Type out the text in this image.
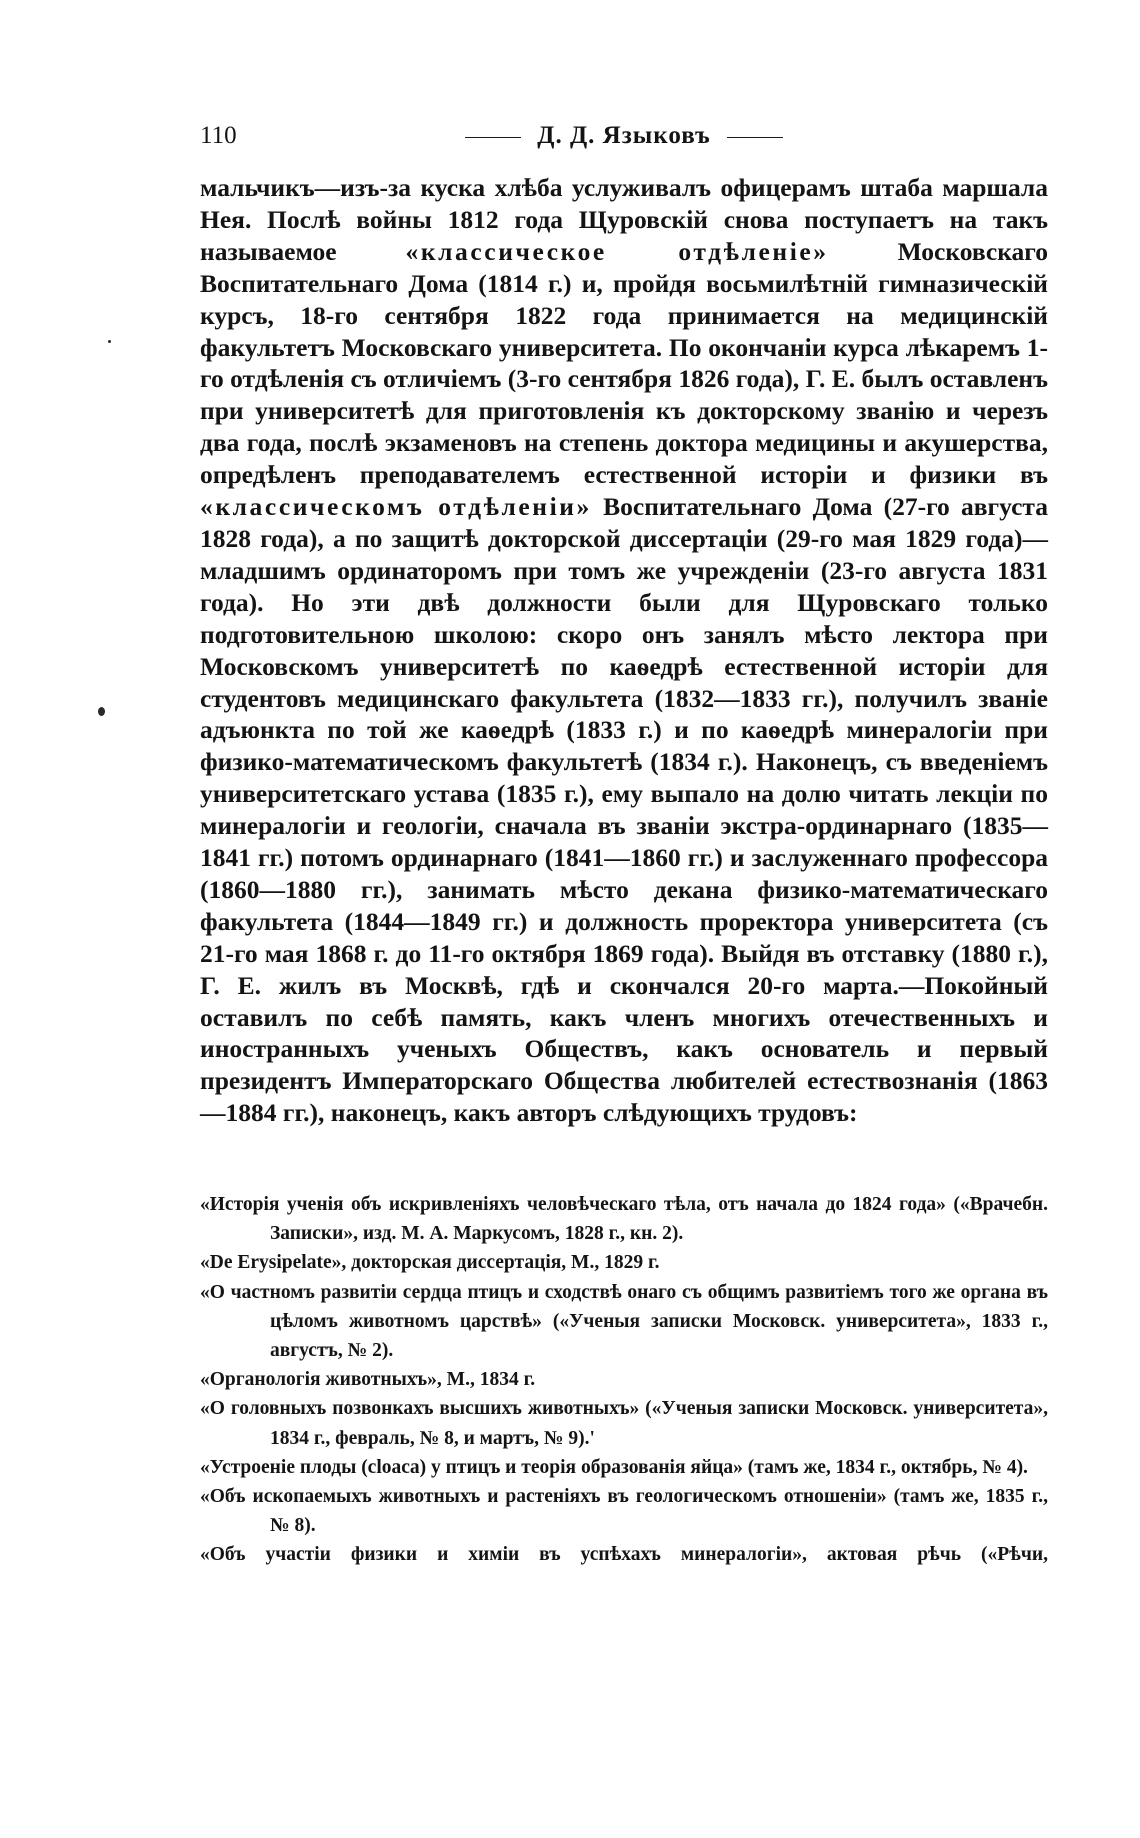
110	Д. Д. Языковъ
мальчикъ—изъ-за куска хлѣба услуживалъ офицерамъ штаба маршала Нея. Послѣ войны 1812 года Щуровскій снова поступаетъ на такъ называемое «классическое отдѣленіе» Московскаго Воспитательнаго Дома (1814 г.) и, пройдя восьмилѣтній гимназическій курсъ, 18-го сентября 1822 года принимается на медицинскій факультетъ Московскаго университета. По окончаніи курса лѣкаремъ 1-го отдѣленія съ отличіемъ (3-го сентября 1826 года), Г. Е. былъ оставленъ при университетѣ для приготовленія къ докторскому званію и черезъ два года, послѣ экзаменовъ на степень доктора медицины и акушерства, опредѣленъ преподавателемъ естественной исторіи и физики въ «классическомъ отдѣленіи» Воспитательнаго Дома (27-го августа 1828 года), а по защитѣ докторской диссертаціи (29-го мая 1829 года)—младшимъ ординаторомъ при томъ же учрежденіи (23-го августа 1831 года). Но эти двѣ должности были для Щуровскаго только подготовительною школою: скоро онъ занялъ мѣсто лектора при Московскомъ университетѣ по каѳедрѣ естественной исторіи для студентовъ медицинскаго факультета (1832—1833 гг.), получилъ званіе адъюнкта по той же каѳедрѣ (1833 г.) и по каѳедрѣ минералогіи при физико-математическомъ факультетѣ (1834 г.). Наконецъ, съ введеніемъ университетскаго устава (1835 г.), ему выпало на долю читать лекціи по минералогіи и геологіи, сначала въ званіи экстра-ординарнаго (1835—1841 гг.) потомъ ординарнаго (1841—1860 гг.) и заслуженнаго профессора (1860—1880 гг.), занимать мѣсто декана физико-математическаго факультета (1844—1849 гг.) и должность проректора университета (съ 21-го мая 1868 г. до 11-го октября 1869 года). Выйдя въ отставку (1880 г.), Г. Е. жилъ въ Москвѣ, гдѣ и скончался 20-го марта.—Покойный оставилъ по себѣ память, какъ членъ многихъ отечественныхъ и иностранныхъ ученыхъ Обществъ, какъ основатель и первый президентъ Императорскаго Общества любителей естествознанія (1863—1884 гг.), наконецъ, какъ авторъ слѣдующихъ трудовъ:

«Исторія ученія объ искривленіяхъ человѣческаго тѣла, отъ начала до 1824 года» («Врачебн. Записки», изд. М. А. Маркусомъ, 1828 г., кн. 2).

«De Erysipelate», докторская диссертація, М., 1829 г.

«О частномъ развитіи сердца птицъ и сходствѣ онаго съ общимъ развитіемъ того же органа въ цѣломъ животномъ царствѣ» («Ученыя записки Московск. университета», 1833 г., августъ, № 2).

«Органологія животныхъ», М., 1834 г.

«О головныхъ позвонкахъ высшихъ животныхъ» («Ученыя записки Московск. университета», 1834 г., февраль, № 8, и мартъ, № 9).'

«Устроеніе плоды (cloaca) у птицъ и теорія образованія яйца» (тамъ же, 1834 г., октябрь, № 4).

«Объ ископаемыхъ животныхъ и растеніяхъ въ геологическомъ отношеніи» (тамъ же, 1835 г., № 8).

«Объ участіи физики и химіи въ успѣхахъ минералогіи», актовая рѣчь («Рѣчи,
